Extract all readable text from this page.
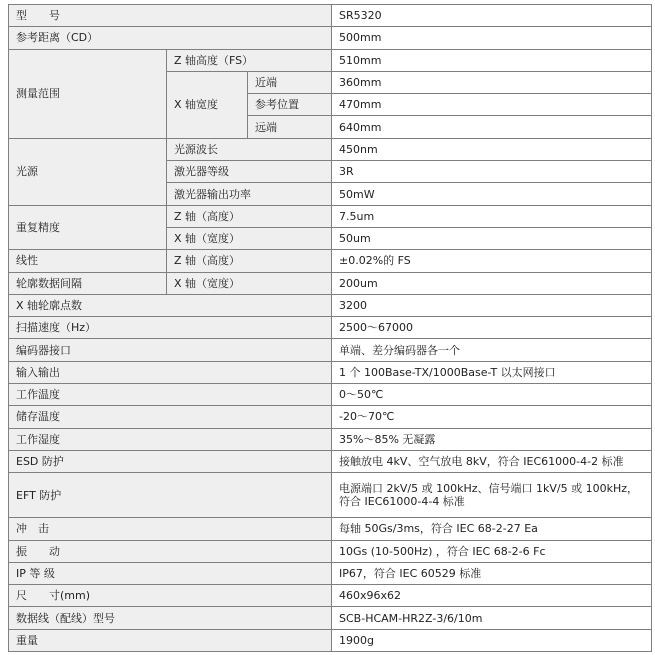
型　　号			SR5320
参考距离（CD）			500mm
测量范围	Z 轴高度（FS）		510mm
	X 轴宽度	近端	360mm
		参考位置	470mm
		远端	640mm
光源	光源波长		450nm
	激光器等级		3R
	激光器输出功率		50mW
重复精度	Z 轴（高度）		7.5um
	X 轴（宽度）		50um
线性	Z 轴（高度）		±0.02%的 FS
轮廓数据间隔	X 轴（宽度）		200um
X 轴轮廓点数			3200
扫描速度（Hz）			2500～67000
编码器接口			单端、差分编码器各一个
输入输出			1 个 100Base-TX/1000Base-T 以太网接口
工作温度			0～50℃
储存温度			-20～70℃
工作湿度			35%～85% 无凝露
ESD 防护			接触放电 4kV、空气放电 8kV，符合 IEC61000-4-2 标准
EFT 防护			电源端口 2kV/5 或 100kHz、信号端口 1kV/5 或 100kHz，
符合 IEC61000-4-4 标准
冲　击			每轴 50Gs/3ms，符合 IEC 68-2-27 Ea
振　　动			10Gs (10-500Hz) ，符合 IEC 68-2-6 Fc
IP 等 级			IP67，符合 IEC 60529 标准
尺　　寸(mm)			460x96x62
数据线（配线）型号			SCB-HCAM-HR2Z-3/6/10m
重量			1900g
